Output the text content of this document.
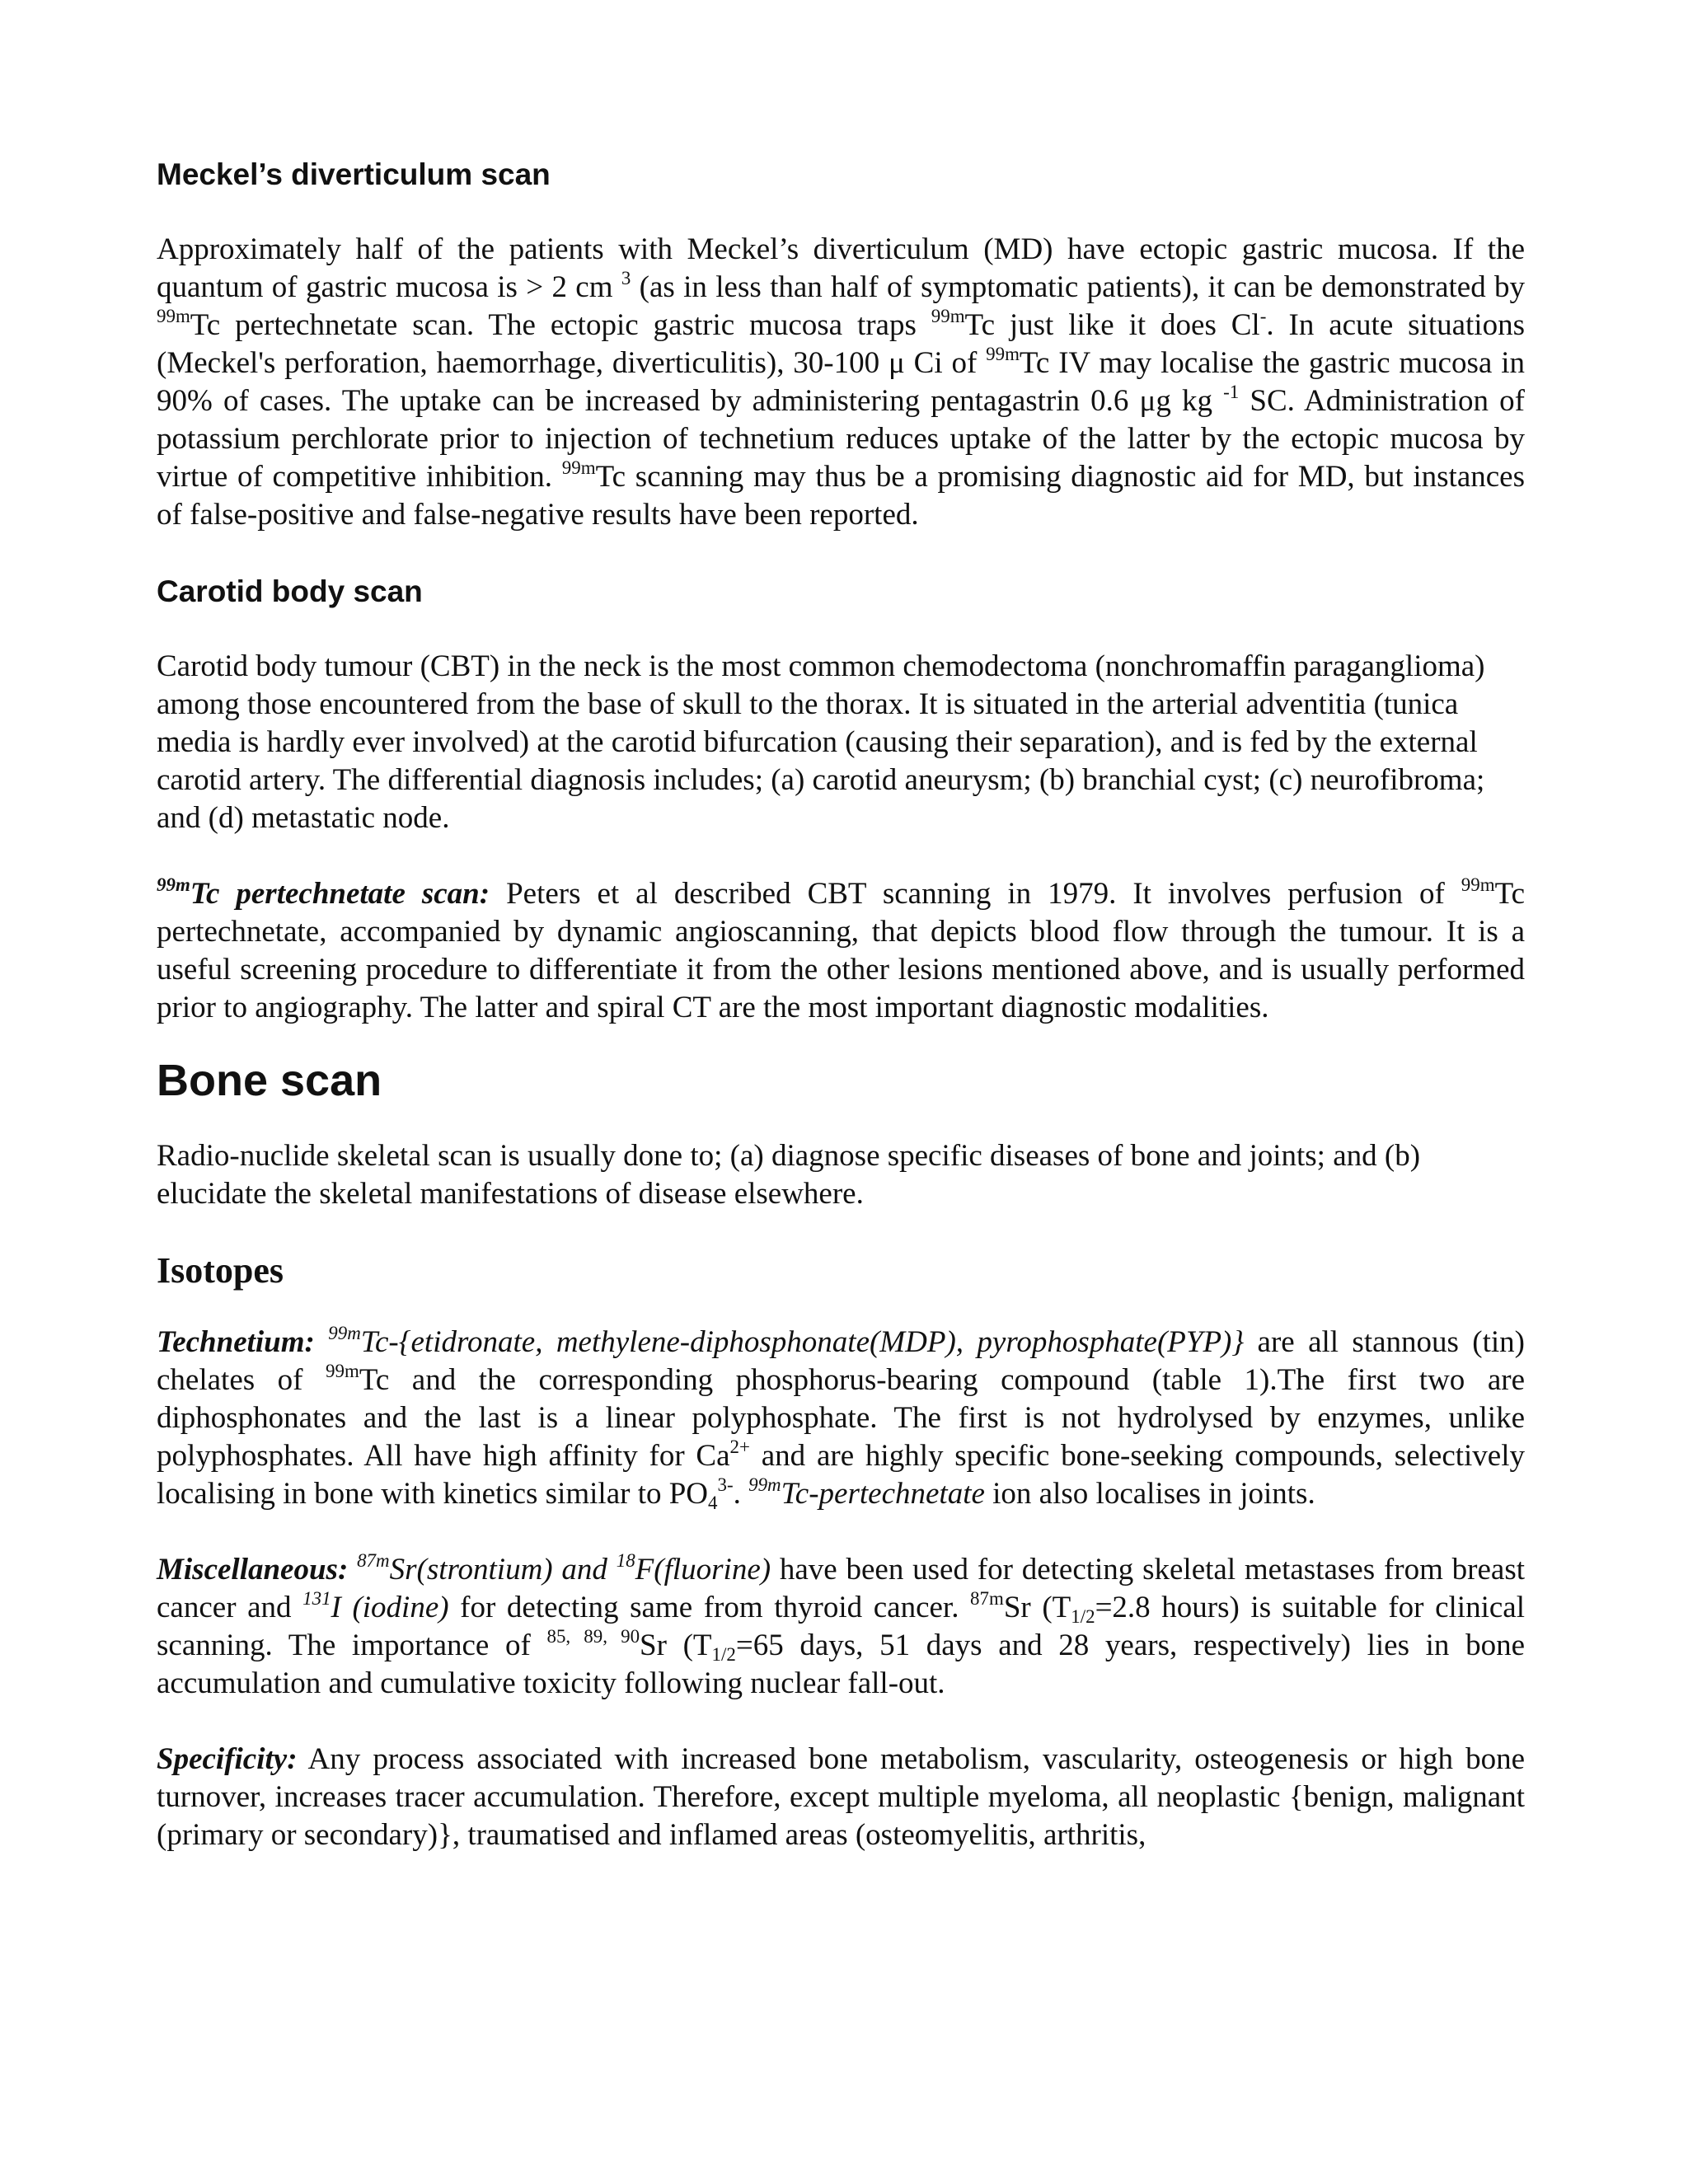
Meckel’s diverticulum scan

Approximately half of the patients with Meckel’s diverticulum (MD) have ectopic gastric mucosa. If the quantum of gastric mucosa is > 2 cm $^3$ (as in less than half of symptomatic patients), it can be demonstrated by $^{99m}$Tc pertechnetate scan. The ectopic gastric mucosa traps $^{99m}$Tc just like it does Cl-. In acute situations (Meckel's perforation, haemorrhage, diverticulitis), 30-100 μ Ci of $^{99m}$Tc IV may localise the gastric mucosa in 90% of cases. The uptake can be increased by administering pentagastrin 0.6 μg kg $^{-1}$ SC. Administration of potassium perchlorate prior to injection of technetium reduces uptake of the latter by the ectopic mucosa by virtue of competitive inhibition. $^{99m}$Tc scanning may thus be a promising diagnostic aid for MD, but instances of false-positive and false-negative results have been reported.

Carotid body scan

Carotid body tumour (CBT) in the neck is the most common chemodectoma (nonchromaffin paraganglioma) among those encountered from the base of skull to the thorax. It is situated in the arterial adventitia (tunica media is hardly ever involved) at the carotid bifurcation (causing their separation), and is fed by the external carotid artery. The differential diagnosis includes; (a) carotid aneurysm; (b) branchial cyst; (c) neurofibroma; and (d) metastatic node.

$^{99m}$Tc pertechnetate scan: Peters et al described CBT scanning in 1979. It involves perfusion of $^{99m}$Tc pertechnetate, accompanied by dynamic angioscanning, that depicts blood flow through the tumour. It is a useful screening procedure to differentiate it from the other lesions mentioned above, and is usually performed prior to angiography. The latter and spiral CT are the most important diagnostic modalities.

Bone scan

Radio-nuclide skeletal scan is usually done to; (a) diagnose specific diseases of bone and joints; and (b) elucidate the skeletal manifestations of disease elsewhere.

Isotopes

Technetium: $^{99m}$Tc-{etidronate, methylene-diphosphonate(MDP), pyrophosphate(PYP)} are all stannous (tin) chelates of $^{99m}$Tc and the corresponding phosphorus-bearing compound (table 1).The first two are diphosphonates and the last is a linear polyphosphate. The first is not hydrolysed by enzymes, unlike polyphosphates. All have high affinity for $Ca^{2+}$ and are highly specific bone-seeking compounds, selectively localising in bone with kinetics similar to $PO_4^{3-}$. $^{99m}$Tc-pertechnetate ion also localises in joints.

Miscellaneous: $^{87m}$Sr(strontium) and $^{18}$F(fluorine) have been used for detecting skeletal metastases from breast cancer and $^{131}$I (iodine) for detecting same from thyroid cancer. $^{87m}$Sr ($T_{1/2}=2.8$ hours) is suitable for clinical scanning. The importance of $^{85, 89, 90}$Sr ($T_{1/2}=65$ days, 51 days and 28 years, respectively) lies in bone accumulation and cumulative toxicity following nuclear fall-out.

Specificity: Any process associated with increased bone metabolism, vascularity, osteogenesis or high bone turnover, increases tracer accumulation. Therefore, except multiple myeloma, all neoplastic {benign, malignant (primary or secondary)}, traumatised and inflamed areas (osteomyelitis, arthritis,
